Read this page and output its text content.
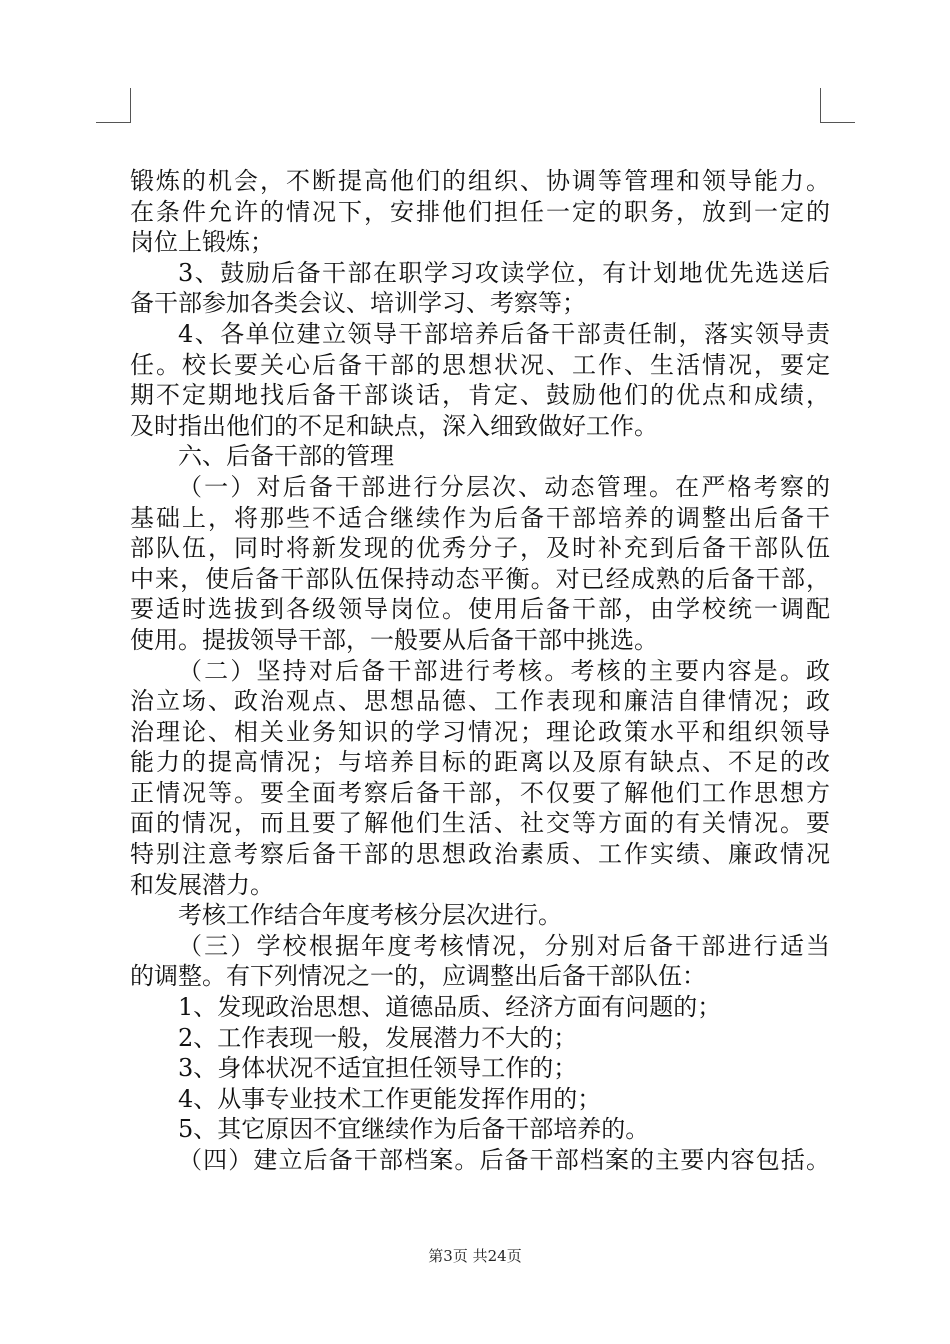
锻炼的机会，不断提高他们的组织、协调等管理和领导能力。
在条件允许的情况下，安排他们担任一定的职务，放到一定的
岗位上锻炼；
3、鼓励后备干部在职学习攻读学位，有计划地优先选送后
备干部参加各类会议、培训学习、考察等；
4、各单位建立领导干部培养后备干部责任制，落实领导责
任。校长要关心后备干部的思想状况、工作、生活情况，要定
期不定期地找后备干部谈话，肯定、鼓励他们的优点和成绩，
及时指出他们的不足和缺点，深入细致做好工作。
六、后备干部的管理
（一）对后备干部进行分层次、动态管理。在严格考察的
基础上，将那些不适合继续作为后备干部培养的调整出后备干
部队伍，同时将新发现的优秀分子，及时补充到后备干部队伍
中来，使后备干部队伍保持动态平衡。对已经成熟的后备干部，
要适时选拔到各级领导岗位。使用后备干部，由学校统一调配
使用。提拔领导干部，一般要从后备干部中挑选。
（二）坚持对后备干部进行考核。考核的主要内容是。政
治立场、政治观点、思想品德、工作表现和廉洁自律情况；政
治理论、相关业务知识的学习情况；理论政策水平和组织领导
能力的提高情况；与培养目标的距离以及原有缺点、不足的改
正情况等。要全面考察后备干部，不仅要了解他们工作思想方
面的情况，而且要了解他们生活、社交等方面的有关情况。要
特别注意考察后备干部的思想政治素质、工作实绩、廉政情况
和发展潜力。
考核工作结合年度考核分层次进行。
（三）学校根据年度考核情况，分别对后备干部进行适当
的调整。有下列情况之一的，应调整出后备干部队伍：
1、发现政治思想、道德品质、经济方面有问题的；
2、工作表现一般，发展潜力不大的；
3、身体状况不适宜担任领导工作的；
4、从事专业技术工作更能发挥作用的；
5、其它原因不宜继续作为后备干部培养的。
（四）建立后备干部档案。后备干部档案的主要内容包括。
第3页 共24页
